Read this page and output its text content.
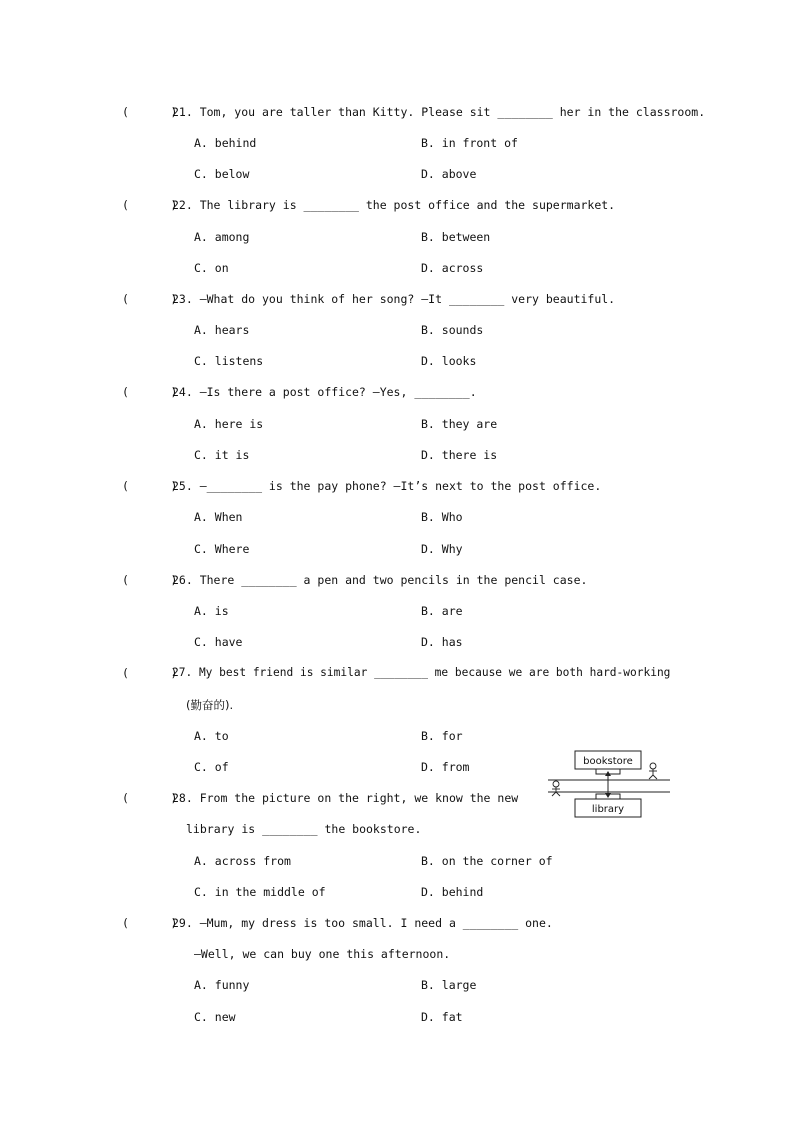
(      )
21. Tom, you are taller than Kitty. Please sit ________ her in the classroom.
A. behind	B. in front of
C. below	D. above
(      )
22. The library is ________ the post office and the supermarket.
A. among	B. between
C. on	D. across
(      )
23. —What do you think of her song? —It ________ very beautiful.
A. hears	B. sounds
C. listens	D. looks
(      )
24. —Is there a post office? —Yes, ________.
A. here is	B. they are
C. it is	D. there is
(      )
25. —________ is the pay phone? —It’s next to the post office.
A. When	B. Who
C. Where	D. Why
(      )
26. There ________ a pen and two pencils in the pencil case.
A. is	B. are
C. have	D. has
(      )
27. My best friend is similar ________ me because we are both hard-working
(勤奋的).
A. to	B. for
C. of	D. from
(      )
28. From the picture on the right, we know the new
library is ________ the bookstore.
A. across from	B. on the corner of
C. in the middle of	D. behind
(      )
29. —Mum, my dress is too small. I need a ________ one.
—Well, we can buy one this afternoon.
A. funny	B. large
C. new	D. fat
bookstore
library
